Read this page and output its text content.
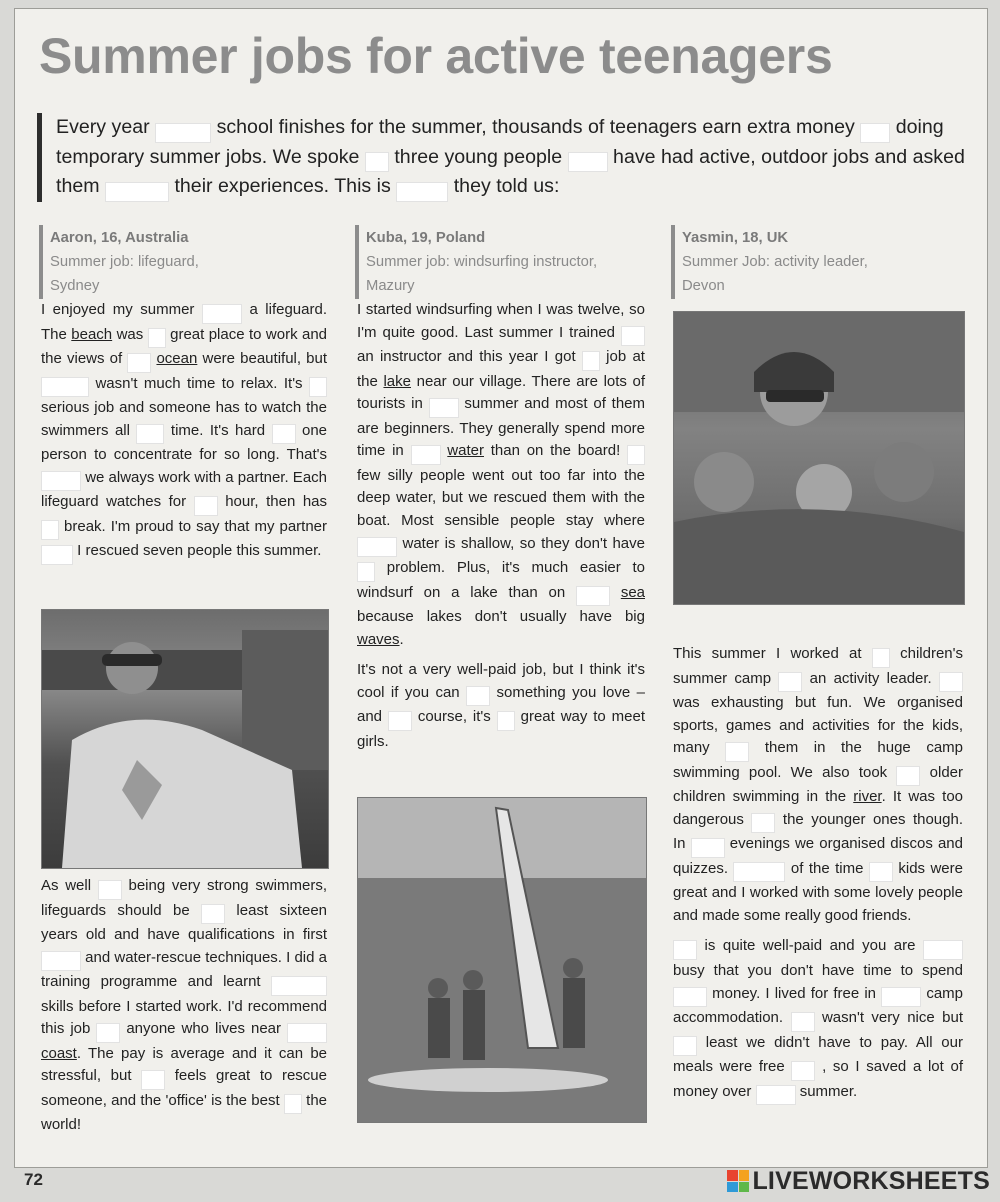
Summer jobs for active teenagers
Every year	school finishes for the summer, thousands of teenagers earn extra money doing temporary summer jobs. We spoke three young people	have had active, outdoor jobs and asked them	their experiences. This is	they told us:
Aaron, 16, Australia
Summer job: lifeguard,
Sydney

I enjoyed my summer	a lifeguard. The beach was great place to work and the views of ocean were beautiful, but  wasn't much time to relax. It's  serious job and someone has to watch the swimmers all	time. It's hard one person to concentrate for so long. That's  we always work with a partner. Each lifeguard watches for	hour, then has  break. I'm proud to say that my partner  I rescued seven people this summer.

As well being very strong swimmers, lifeguards should be	least sixteen years old and have qualifications in first  and water-rescue techniques. I did a training programme and learnt  skills before I started work. I'd recommend this job anyone who lives near  coast. The pay is average and it can be stressful, but	feels great to rescue someone, and the 'office' is the best the world!

Kuba, 19, Poland
Summer job: windsurfing instructor,
Mazury

I started windsurfing when I was twelve, so I'm quite good. Last summer I trained  an instructor and this year I got job at the lake near our village. There are lots of tourists in	summer and most of them are beginners. They generally spend more time in	water than on the board!  few silly people went out too far into the deep water, but we rescued them with the boat. Most sensible people stay where  water is shallow, so they don't have  problem. Plus, it's much easier to windsurf on a lake than on	sea because lakes don't usually have big waves.

It's not a very well-paid job, but I think it's cool if you can something you love – and course, it's great way to meet girls.

Yasmin, 18, UK
Summer Job: activity leader,
Devon

This summer I worked at	children's summer camp	an activity leader.  was exhausting but fun. We organised sports, games and activities for the kids, many	them in the huge camp swimming pool. We also took	older children swimming in the river. It was too dangerous	the younger ones though. In	evenings we organised discos and quizzes.	of the time kids were great and I worked with some lovely people and made some really good friends.

is quite well-paid and you are  busy that you don't have time to spend  money. I lived for free in	camp accommodation.	wasn't very nice but  least we didn't have to pay. All our meals were free , so I saved a lot of money over	summer.

72	LIVEWORKSHEETS
